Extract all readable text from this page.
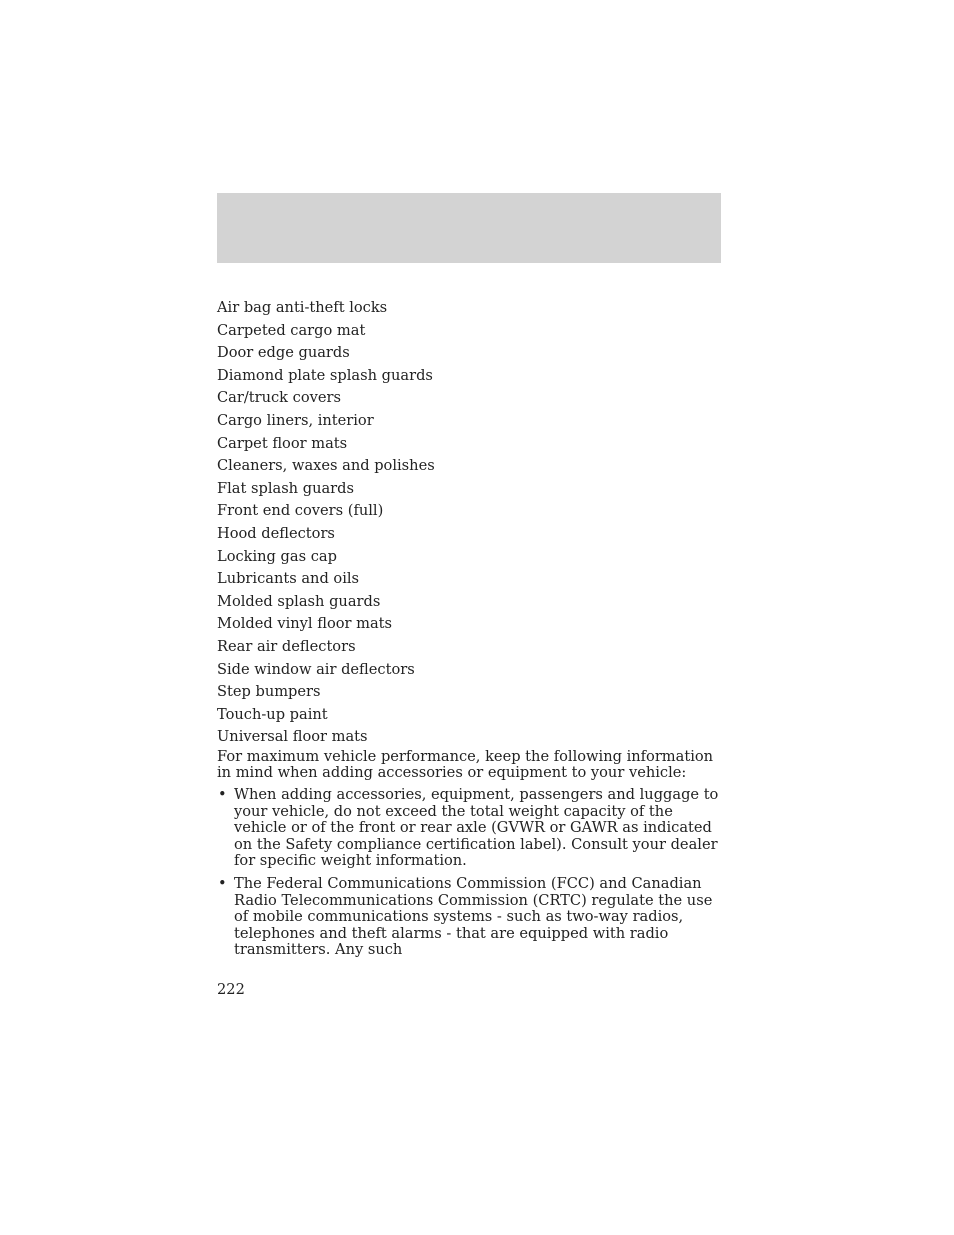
Air bag anti-theft locks
Carpeted cargo mat
Door edge guards
Diamond plate splash guards
Car/truck covers
Cargo liners, interior
Carpet floor mats
Cleaners, waxes and polishes
Flat splash guards
Front end covers (full)
Hood deflectors
Locking gas cap
Lubricants and oils
Molded splash guards
Molded vinyl floor mats
Rear air deflectors
Side window air deflectors
Step bumpers
Touch-up paint
Universal floor mats

For maximum vehicle performance, keep the following information in mind when adding accessories or equipment to your vehicle:

• When adding accessories, equipment, passengers and luggage to your vehicle, do not exceed the total weight capacity of the vehicle or of the front or rear axle (GVWR or GAWR as indicated on the Safety compliance certification label). Consult your dealer for specific weight information.
• The Federal Communications Commission (FCC) and Canadian Radio Telecommunications Commission (CRTC) regulate the use of mobile communications systems - such as two-way radios, telephones and theft alarms - that are equipped with radio transmitters. Any such
222
